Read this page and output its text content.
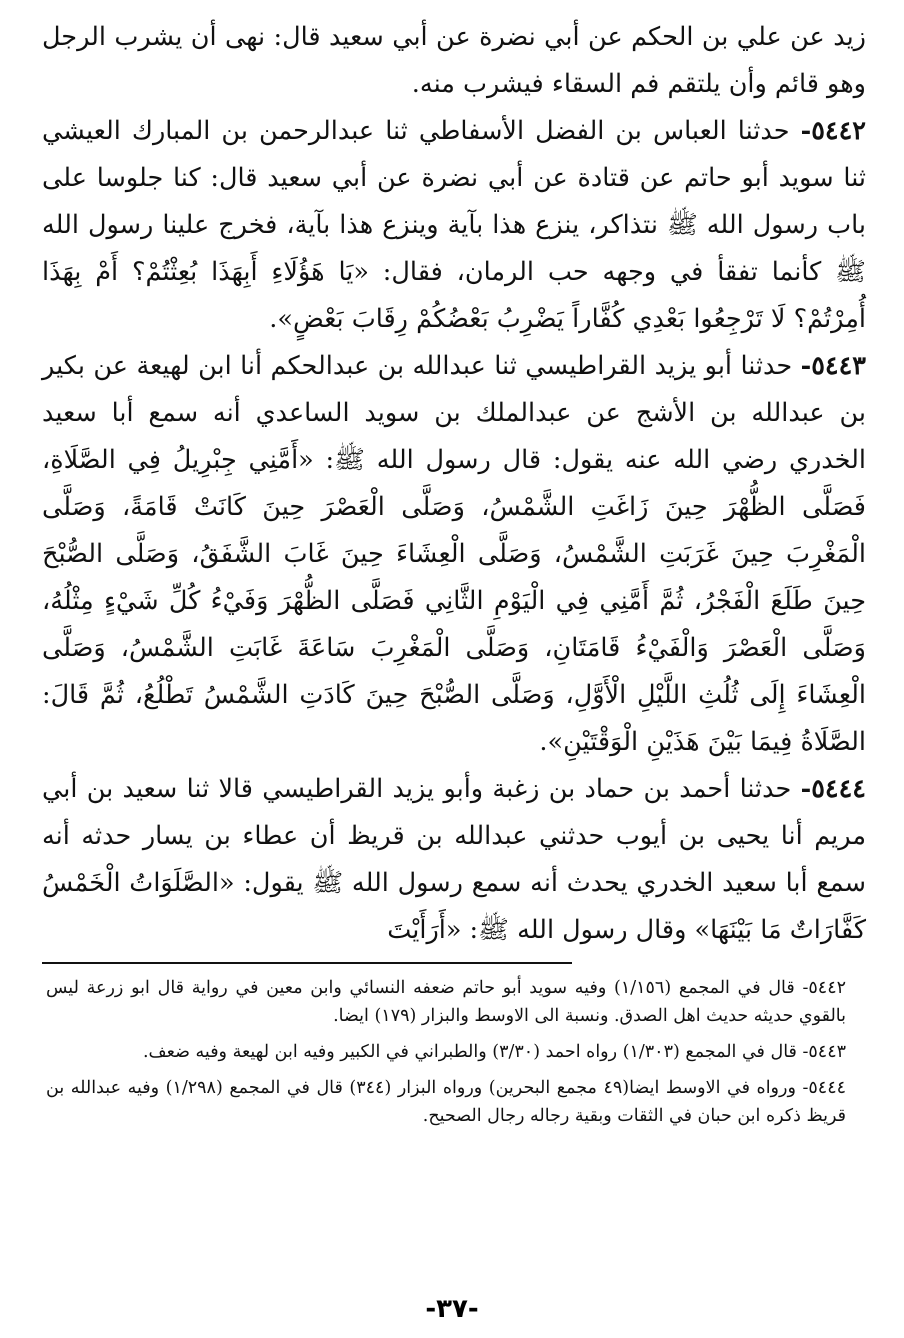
زيد عن علي بن الحكم عن أبي نضرة عن أبي سعيد قال: نهى أن يشرب الرجل وهو قائم وأن يلتقم فم السقاء فيشرب منه.

٥٤٤٢- حدثنا العباس بن الفضل الأسفاطي ثنا عبدالرحمن بن المبارك العيشي ثنا سويد أبو حاتم عن قتادة عن أبي نضرة عن أبي سعيد قال: كنا جلوسا على باب رسول الله ﷺ نتذاكر، ينزع هذا بآية وينزع هذا بآية، فخرج علينا رسول الله ﷺ كأنما تفقأ في وجهه حب الرمان، فقال: «يَا هَؤُلَاءِ أَبِهَذَا بُعِثْتُمْ؟ أَمْ بِهَذَا أُمِرْتُمْ؟ لَا تَرْجِعُوا بَعْدِي كُفَّاراً يَضْرِبُ بَعْضُكُمْ رِقَابَ بَعْضٍ».

٥٤٤٣- حدثنا أبو يزيد القراطيسي ثنا عبدالله بن عبدالحكم أنا ابن لهيعة عن بكير بن عبدالله بن الأشج عن عبدالملك بن سويد الساعدي أنه سمع أبا سعيد الخدري رضي الله عنه يقول: قال رسول الله ﷺ: «أَمَّنِي جِبْرِيلُ فِي الصَّلَاةِ، فَصَلَّى الظُّهْرَ حِينَ زَاغَتِ الشَّمْسُ، وَصَلَّى الْعَصْرَ حِينَ كَانَتْ قَامَةً، وَصَلَّى الْمَغْرِبَ حِينَ غَرَبَتِ الشَّمْسُ، وَصَلَّى الْعِشَاءَ حِينَ غَابَ الشَّفَقُ، وَصَلَّى الصُّبْحَ حِينَ طَلَعَ الْفَجْرُ، ثُمَّ أَمَّنِي فِي الْيَوْمِ الثَّانِي فَصَلَّى الظُّهْرَ وَفَيْءُ كُلِّ شَيْءٍ مِثْلُهُ، وَصَلَّى الْعَصْرَ وَالْفَيْءُ قَامَتَانِ، وَصَلَّى الْمَغْرِبَ سَاعَةَ غَابَتِ الشَّمْسُ، وَصَلَّى الْعِشَاءَ إِلَى ثُلُثِ اللَّيْلِ الْأَوَّلِ، وَصَلَّى الصُّبْحَ حِينَ كَادَتِ الشَّمْسُ تَطْلُعُ، ثُمَّ قَالَ: الصَّلَاةُ فِيمَا بَيْنَ هَذَيْنِ الْوَقْتَيْنِ».

٥٤٤٤- حدثنا أحمد بن حماد بن زغبة وأبو يزيد القراطيسي قالا ثنا سعيد بن أبي مريم أنا يحيى بن أيوب حدثني عبدالله بن قريظ أن عطاء بن يسار حدثه أنه سمع أبا سعيد الخدري يحدث أنه سمع رسول الله ﷺ يقول: «الصَّلَوَاتُ الْخَمْسُ كَفَّارَاتٌ مَا بَيْنَهَا» وقال رسول الله ﷺ: «أَرَأَيْتَ

٥٤٤٢- قال في المجمع (١/١٥٦) وفيه سويد أبو حاتم ضعفه النسائي وابن معين في رواية قال ابو زرعة ليس بالقوي حديثه حديث اهل الصدق. ونسبة الى الاوسط والبزار (١٧٩) ايضا.

٥٤٤٣- قال في المجمع (١/٣٠٣) رواه احمد (٣/٣٠) والطبراني في الكبير وفيه ابن لهيعة وفيه ضعف.

٥٤٤٤- ورواه في الاوسط ايضا(٤٩ مجمع البحرين) ورواه البزار (٣٤٤) قال في المجمع (١/٢٩٨) وفيه عبدالله بن قريظ ذكره ابن حبان في الثقات وبقية رجاله رجال الصحيح.

-٣٧-
